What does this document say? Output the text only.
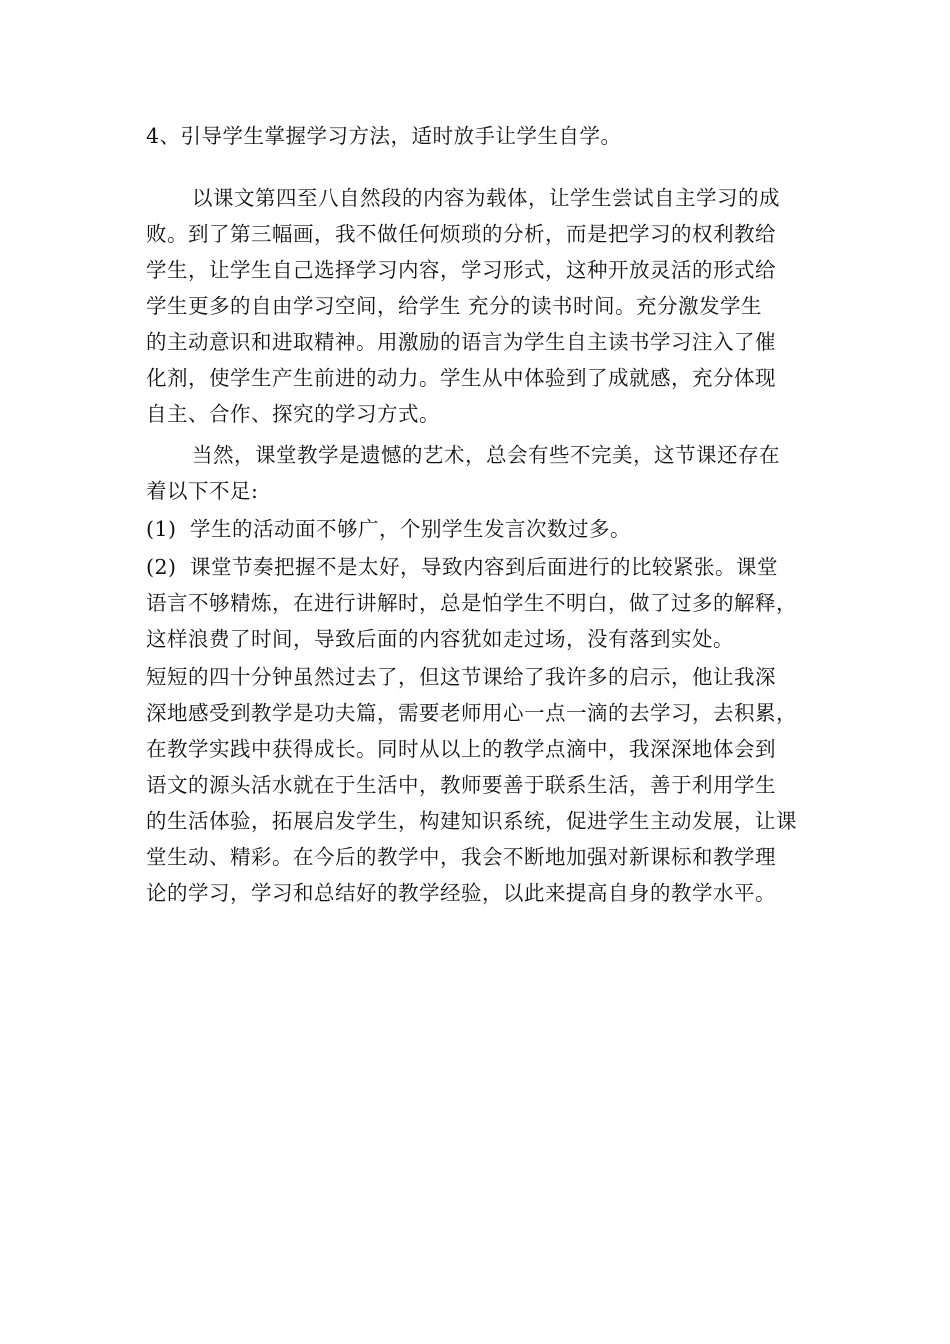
4、引导学生掌握学习方法，适时放手让学生自学。
以课文第四至八自然段的内容为载体，让学生尝试自主学习的成
败。到了第三幅画，我不做任何烦琐的分析，而是把学习的权利教给
学生，让学生自己选择学习内容，学习形式，这种开放灵活的形式给
学生更多的自由学习空间，给学生 充分的读书时间。充分激发学生
的主动意识和进取精神。用激励的语言为学生自主读书学习注入了催
化剂，使学生产生前进的动力。学生从中体验到了成就感，充分体现
自主、合作、探究的学习方式。
当然，课堂教学是遗憾的艺术，总会有些不完美，这节课还存在
着以下不足:
(1) 学生的活动面不够广，个别学生发言次数过多。
(2) 课堂节奏把握不是太好，导致内容到后面进行的比较紧张。课堂
语言不够精炼，在进行讲解时，总是怕学生不明白，做了过多的解释，
这样浪费了时间，导致后面的内容犹如走过场，没有落到实处。
短短的四十分钟虽然过去了，但这节课给了我许多的启示，他让我深
深地感受到教学是功夫篇，需要老师用心一点一滴的去学习，去积累，
在教学实践中获得成长。同时从以上的教学点滴中，我深深地体会到
语文的源头活水就在于生活中，教师要善于联系生活，善于利用学生
的生活体验，拓展启发学生，构建知识系统，促进学生主动发展，让课
堂生动、精彩。在今后的教学中，我会不断地加强对新课标和教学理
论的学习，学习和总结好的教学经验，以此来提高自身的教学水平。
